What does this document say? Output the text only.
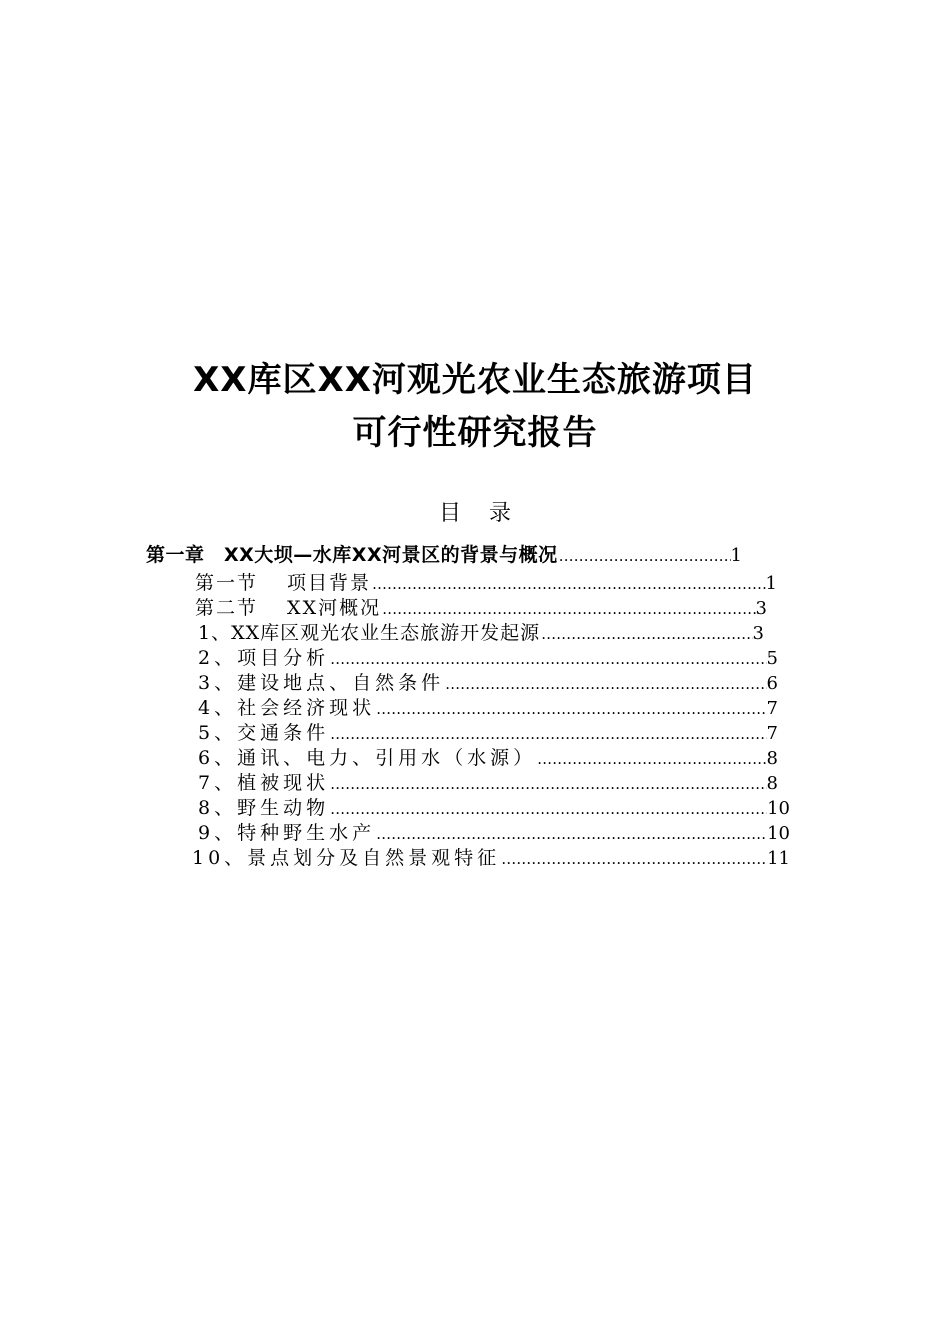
XX库区XX河观光农业生态旅游项目
可行性研究报告
目录
第一章　XX大坝—水库XX河景区的背景与概况 …………………………………………………………………………………………………………………………………………………………………………	1
第一节　 项目背景 …………………………………………………………………………………………………………………………………………………………………………	1
第二节　 XX河概况 …………………………………………………………………………………………………………………………………………………………………………	3
1、XX库区观光农业生态旅游开发起源 …………………………………………………………………………………………………………………………………………………………………………	3
2、项目分析 …………………………………………………………………………………………………………………………………………………………………………	5
3、建设地点、自然条件 …………………………………………………………………………………………………………………………………………………………………………	6
4、社会经济现状 …………………………………………………………………………………………………………………………………………………………………………	7
5、交通条件 …………………………………………………………………………………………………………………………………………………………………………	7
6、通讯、电力、引用水（水源） …………………………………………………………………………………………………………………………………………………………………………	8
7、植被现状 …………………………………………………………………………………………………………………………………………………………………………	8
8、野生动物 …………………………………………………………………………………………………………………………………………………………………………	10
9、特种野生水产 …………………………………………………………………………………………………………………………………………………………………………	10
10、景点划分及自然景观特征 …………………………………………………………………………………………………………………………………………………………………………	11
